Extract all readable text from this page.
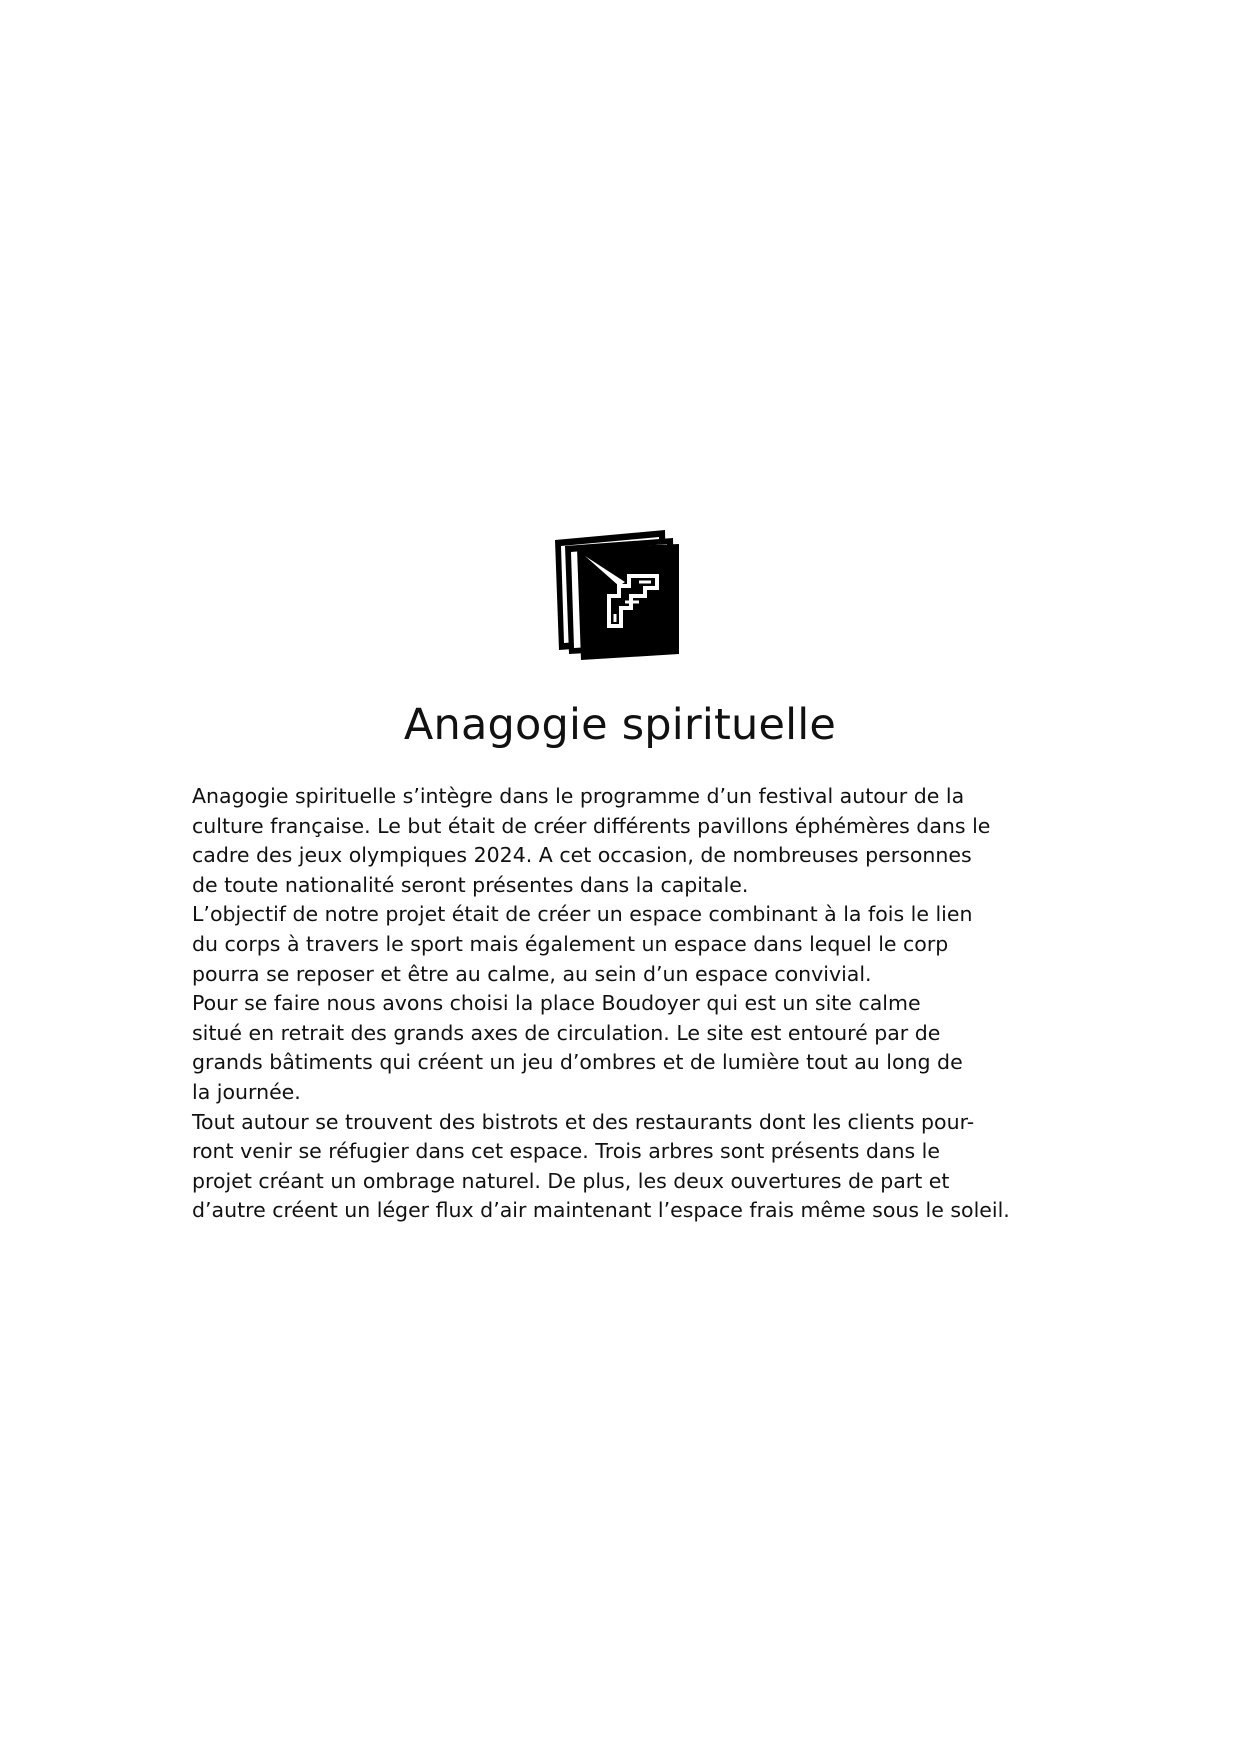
Anagogie spirituelle

Anagogie spirituelle s’intègre dans le programme d’un festival autour de la
culture française. Le but était de créer différents pavillons éphémères dans le
cadre des jeux olympiques 2024. A cet occasion, de nombreuses personnes
de toute nationalité seront présentes dans la capitale.
L’objectif de notre projet était de créer un espace combinant à la fois le lien
du corps à travers le sport mais également un espace dans lequel le corp
pourra se reposer et être au calme, au sein d’un espace convivial.
Pour se faire nous avons choisi la place Boudoyer qui est un site calme
situé en retrait des grands axes de circulation. Le site est entouré par de
grands bâtiments qui créent un jeu d’ombres et de lumière tout au long de
la journée.
Tout autour se trouvent des bistrots et des restaurants dont les clients pour-
ront venir se réfugier dans cet espace. Trois arbres sont présents dans le
projet créant un ombrage naturel. De plus, les deux ouvertures de part et
d’autre créent un léger flux d’air maintenant l’espace frais même sous le soleil.
